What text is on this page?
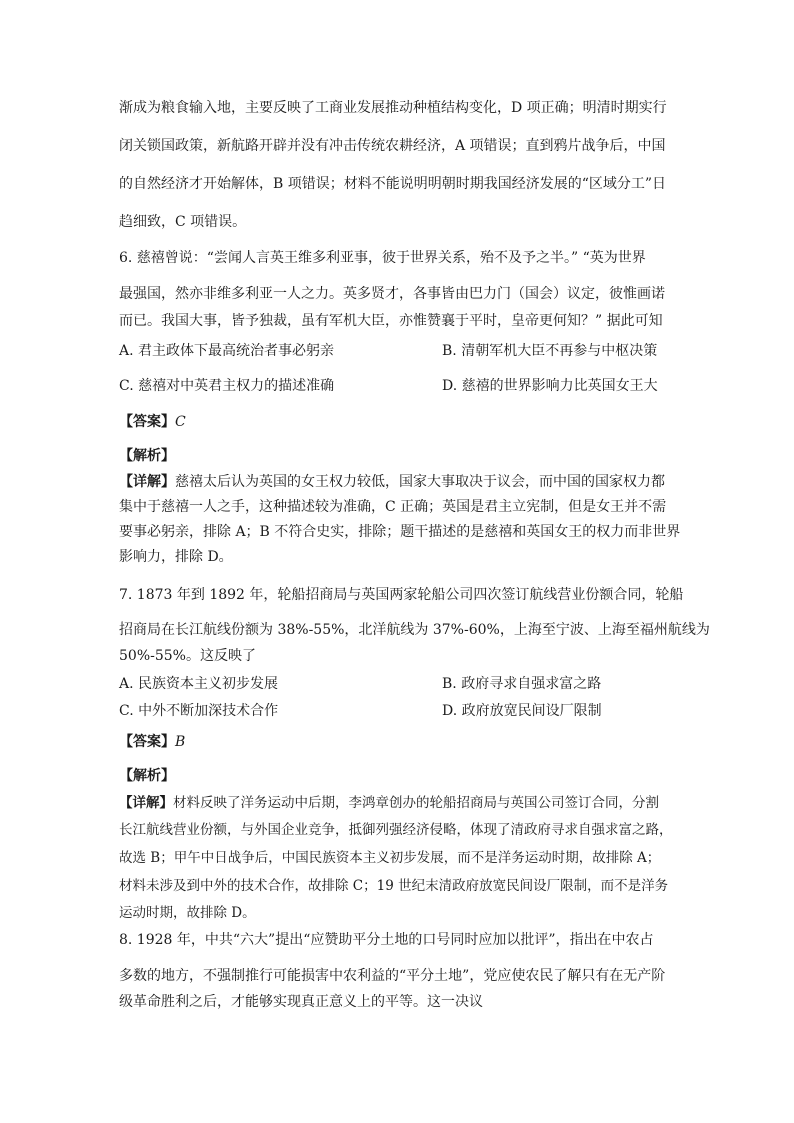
渐成为粮食输入地，主要反映了工商业发展推动种植结构变化，D 项正确；明清时期实行
闭关锁国政策，新航路开辟并没有冲击传统农耕经济，A 项错误；直到鸦片战争后，中国
的自然经济才开始解体，B 项错误；材料不能说明明朝时期我国经济发展的“区域分工”日
趋细致，C 项错误。
6. 慈禧曾说：“尝闻人言英王维多利亚事，彼于世界关系，殆不及予之半。” “英为世界
最强国，然亦非维多利亚一人之力。英多贤才，各事皆由巴力门（国会）议定，彼惟画诺
而已。我国大事，皆予独裁，虽有军机大臣，亦惟赞襄于平时，皇帝更何知？” 据此可知
A. 君主政体下最高统治者事必躬亲	B. 清朝军机大臣不再参与中枢决策
C. 慈禧对中英君主权力的描述准确	D. 慈禧的世界影响力比英国女王大
【答案】C
【解析】
【详解】慈禧太后认为英国的女王权力较低，国家大事取决于议会，而中国的国家权力都
集中于慈禧一人之手，这种描述较为准确，C 正确；英国是君主立宪制，但是女王并不需
要事必躬亲，排除 A；B 不符合史实，排除；题干描述的是慈禧和英国女王的权力而非世界
影响力，排除 D。
7. 1873 年到 1892 年，轮船招商局与英国两家轮船公司四次签订航线营业份额合同，轮船
招商局在长江航线份额为 38%-55%，北洋航线为 37%-60%，上海至宁波、上海至福州航线为
50%-55%。这反映了
A. 民族资本主义初步发展	B. 政府寻求自强求富之路
C. 中外不断加深技术合作	D. 政府放宽民间设厂限制
【答案】B
【解析】
【详解】材料反映了洋务运动中后期，李鸿章创办的轮船招商局与英国公司签订合同，分割
长江航线营业份额，与外国企业竞争，抵御列强经济侵略，体现了清政府寻求自强求富之路，
故选 B；甲午中日战争后，中国民族资本主义初步发展，而不是洋务运动时期，故排除 A；
材料未涉及到中外的技术合作，故排除 C；19 世纪末清政府放宽民间设厂限制，而不是洋务
运动时期，故排除 D。
8. 1928 年，中共“六大”提出“应赞助平分土地的口号同时应加以批评”，指出在中农占
多数的地方，不强制推行可能损害中农利益的“平分土地”，党应使农民了解只有在无产阶
级革命胜利之后，才能够实现真正意义上的平等。这一决议
